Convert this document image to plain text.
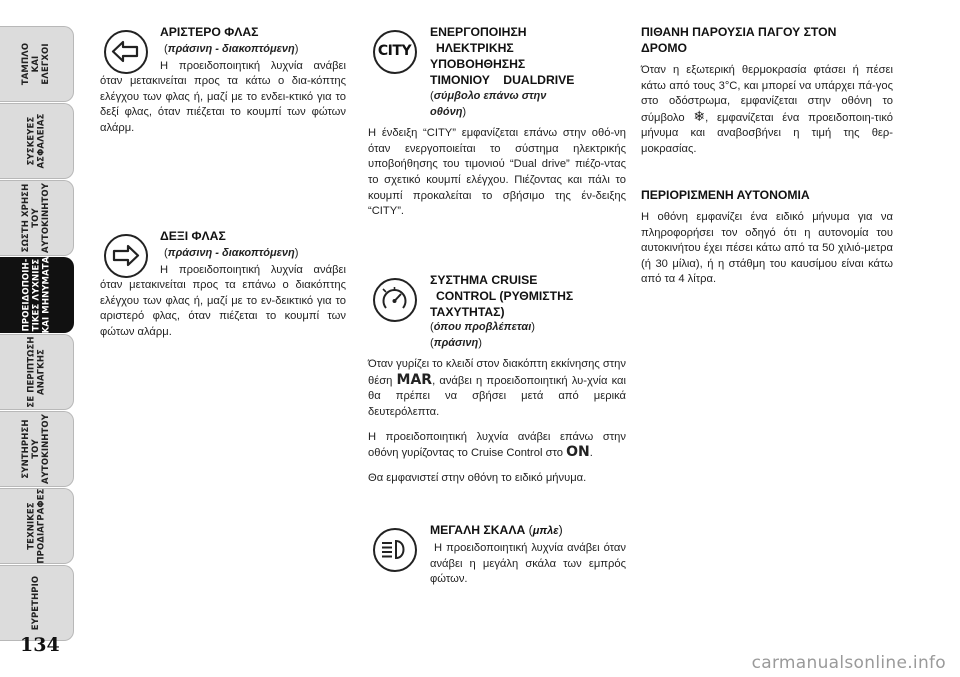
ΤΑΜΠΛΟ
ΚΑΙ
ΕΛΕΓΧΟΙ
ΣΥΣΚΕΥΕΣ
ΑΣΦΑΛΕΙΑΣ
ΣΩΣΤΗ ΧΡΗΣΗ
ΤΟΥ
ΑΥΤΟΚΙΝΗΤΟΥ
ΠΡΟΕΙΔΟΠΟΙΗ-
ΤΙΚΕΣ ΛΥΧΝΙΕΣ
ΚΑΙ ΜΗΝΥΜΑΤΑ
ΣΕ ΠΕΡΙΠΤΩΣΗ
ΑΝΑΓΚΗΣ
ΣΥΝΤΗΡΗΣΗ
ΤΟΥ
ΑΥΤΟΚΙΝΗΤΟΥ
ΤΕΧΝΙΚΕΣ
ΠΡΟΔΙΑΓΡΑΦΕΣ
ΕΥΡΕΤΗΡΙΟ
134
ΑΡΙΣΤΕΡΟ ΦΛΑΣ
(πράσινη - διακοπτόμενη)

Η προειδοποιητική λυχνία ανάβει όταν μετακινείται προς τα κάτω ο δια-κόπτης ελέγχου των φλας ή, μαζί με το ενδει-κτικό για το δεξί φλας, όταν πιέζεται το κουμπί των φώτων αλάρμ.

ΔΕΞΙ ΦΛΑΣ
(πράσινη - διακοπτόμενη)

Η προειδοποιητική λυχνία ανάβει όταν μετακινείται προς τα επάνω ο διακόπτης ελέγχου των φλας ή, μαζί με το εν-δεικτικό για το αριστερό φλας, όταν πιέζεται το κουμπί των φώτων αλάρμ.

CITY
ΕΝΕΡΓΟΠΟΙΗΣΗ
ΗΛΕΚΤΡΙΚΗΣ
ΥΠΟΒΟΗΘΗΣΗΣ
ΤΙΜΟΝΙΟΥ DUALDRIVE
(σύμβολο επάνω στην
οθόνη)

Η ένδειξη “CITY” εμφανίζεται επάνω στην οθό-νη όταν ενεργοποιείται το σύστημα ηλεκτρικής υποβοήθησης του τιμονιού “Dual drive” πιέζο-ντας το σχετικό κουμπί ελέγχου. Πιέζοντας και πάλι το κουμπί προκαλείται το σβήσιμο της έν-δειξης “CITY”.

ΣΥΣΤΗΜΑ CRUISE
CONTROL (ΡΥΘΜΙΣΤΗΣ
ΤΑΧΥΤΗΤΑΣ)
(όπου προβλέπεται)
(πράσινη)

Όταν γυρίζει το κλειδί στον διακόπτη εκκίνησης στην θέση MAR, ανάβει η προειδοποιητική λυ-χνία και θα πρέπει να σβήσει μετά από μερικά δευτερόλεπτα.

Η προειδοποιητική λυχνία ανάβει επάνω στην οθόνη γυρίζοντας το Cruise Control στο ON.

Θα εμφανιστεί στην οθόνη το ειδικό μήνυμα.

ΜΕΓΑΛΗ ΣΚΑΛΑ (μπλε)

Η προειδοποιητική λυχνία ανάβει όταν ανάβει η μεγάλη σκάλα των εμπρός φώτων.

ΠΙΘΑΝΗ ΠΑΡΟΥΣΙΑ ΠΑΓΟΥ ΣΤΟΝ
ΔΡΟΜΟ

Όταν η εξωτερική θερμοκρασία φτάσει ή πέσει κάτω από τους 3°C, και μπορεί να υπάρχει πά-γος στο οδόστρωμα, εμφανίζεται στην οθόνη το σύμβολο ❄, εμφανίζεται ένα προειδοποιη-τικό μήνυμα και αναβοσβήνει η τιμή της θερ-μοκρασίας.

ΠΕΡΙΟΡΙΣΜΕΝΗ ΑΥΤΟΝΟΜΙΑ

Η οθόνη εμφανίζει ένα ειδικό μήνυμα για να πληροφορήσει τον οδηγό ότι η αυτονομία του αυτοκινήτου έχει πέσει κάτω από τα 50 χιλιό-μετρα (ή 30 μίλια), ή η στάθμη του καυσίμου είναι κάτω από τα 4 λίτρα.

carmanualsonline.info
